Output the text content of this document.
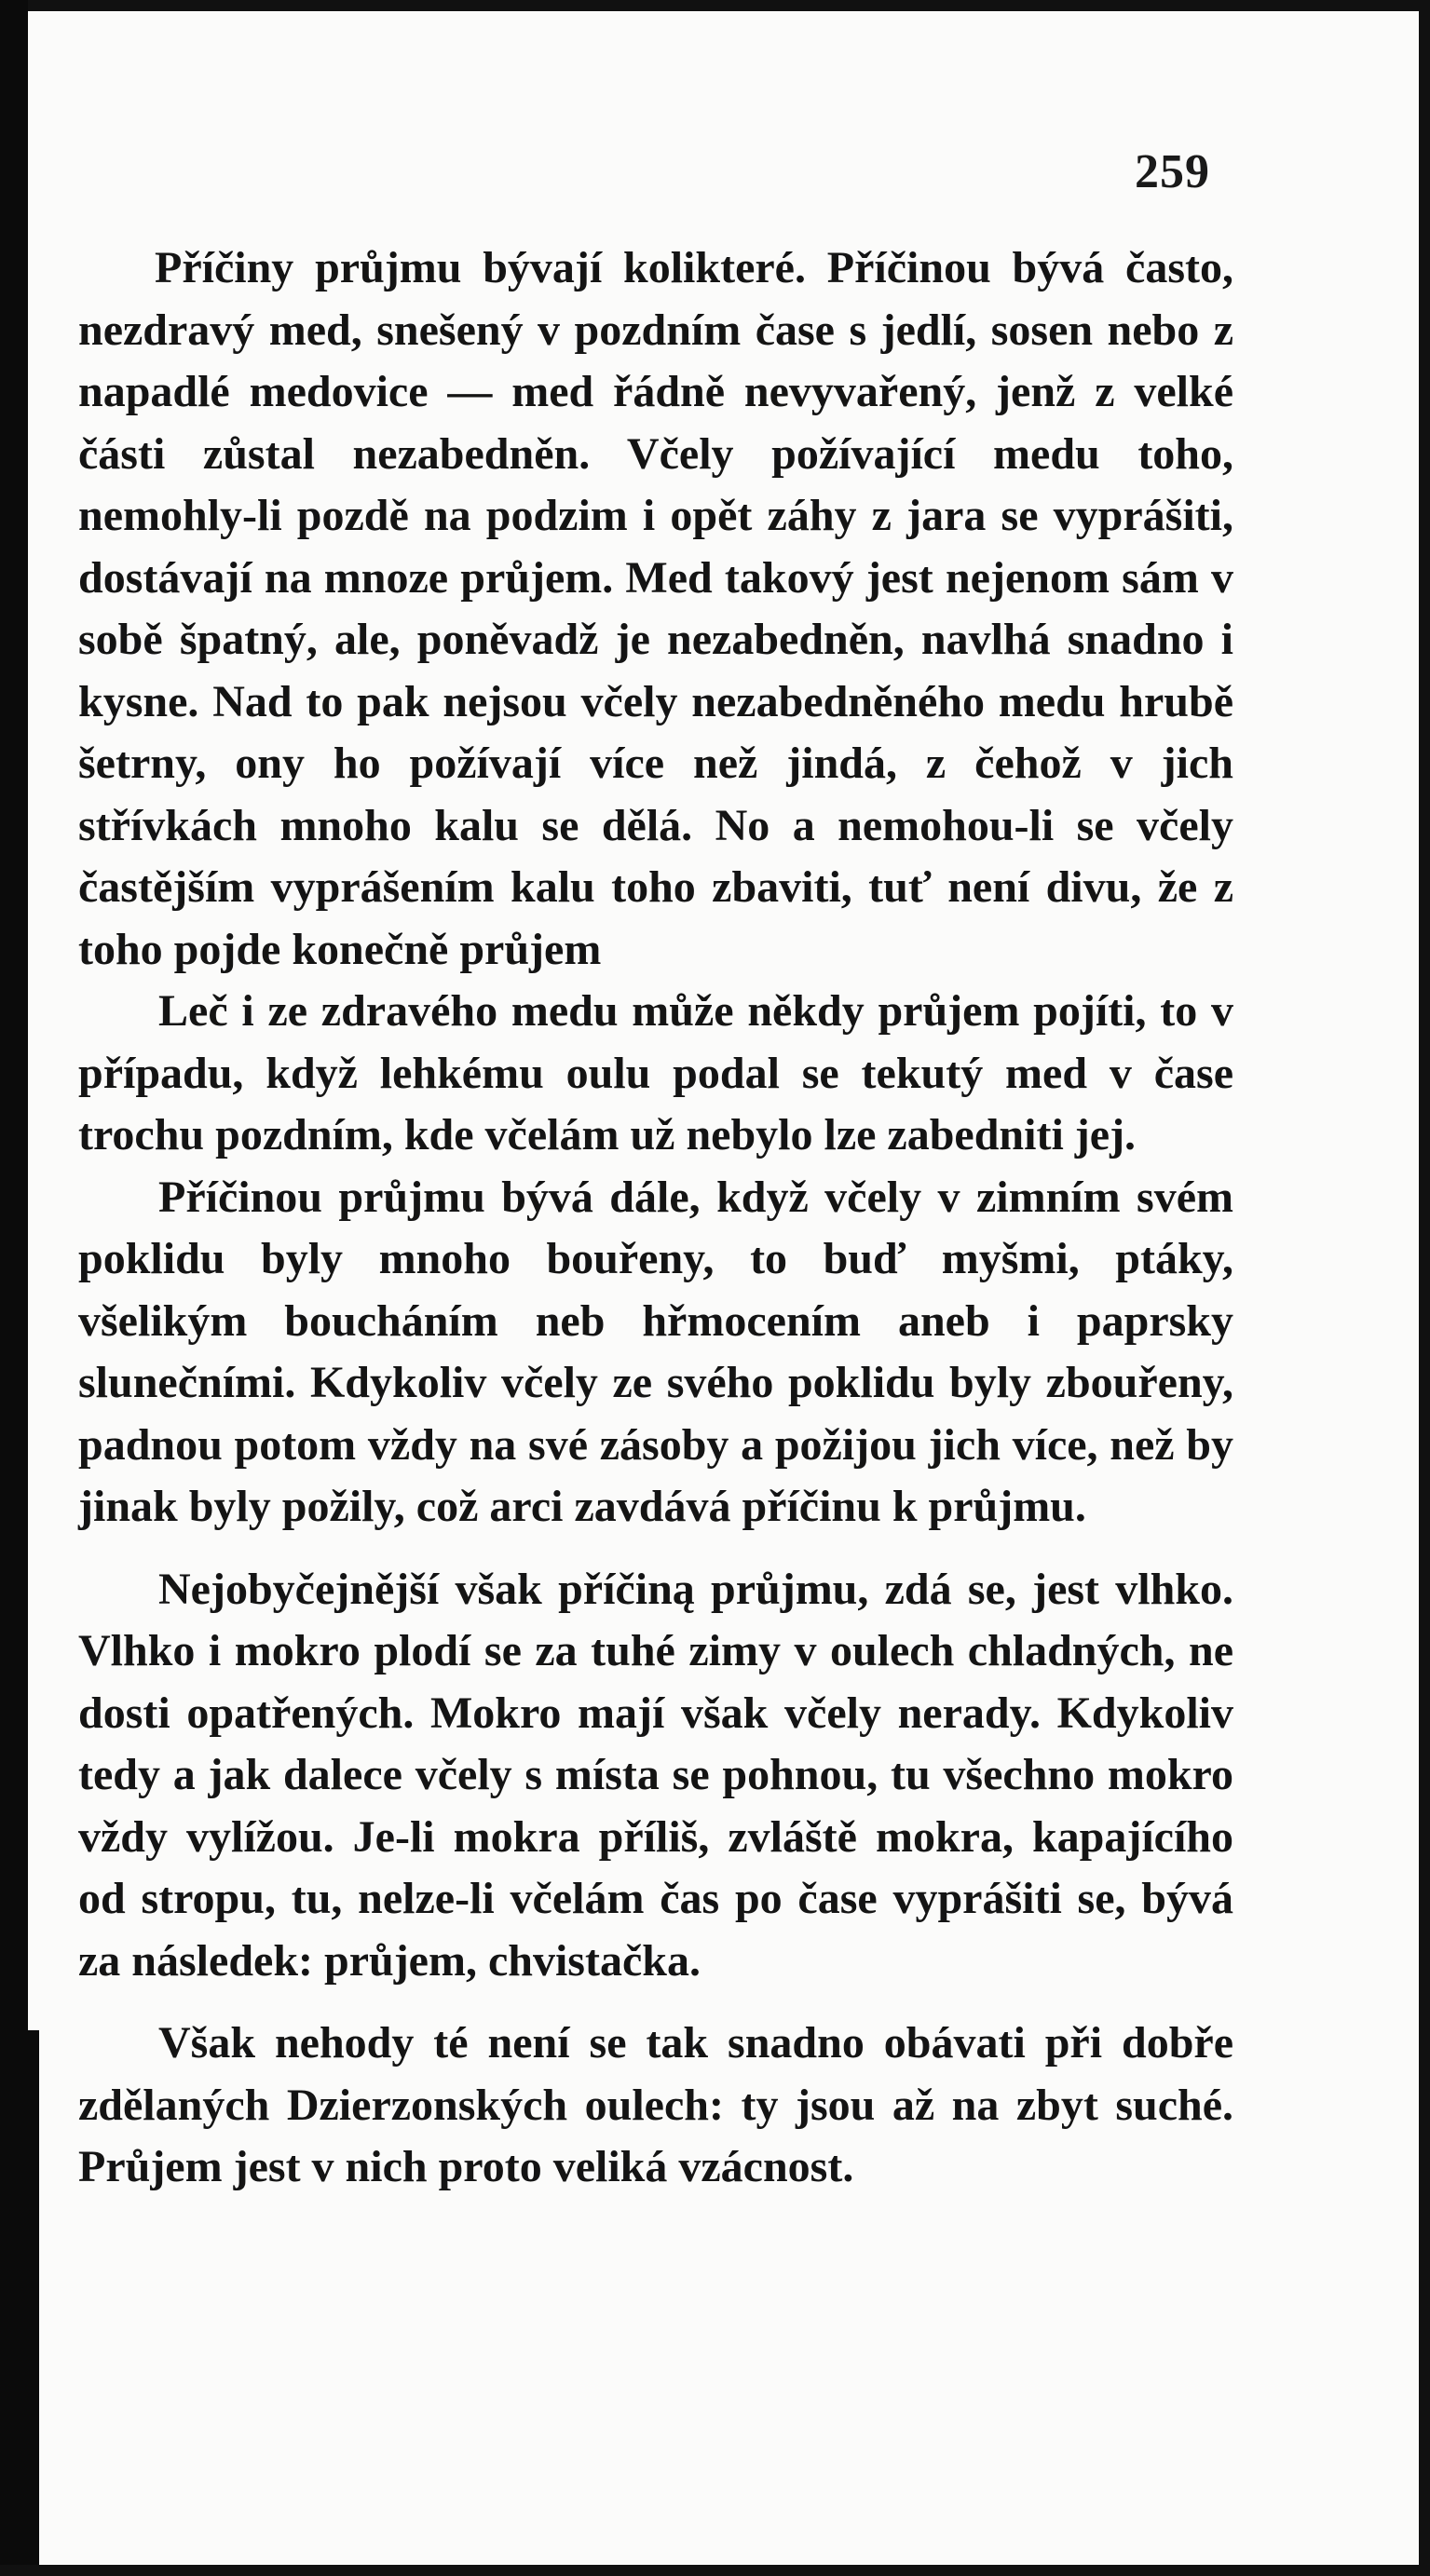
259

Příčiny průjmu bývají kolikteré. Příčinou bývá často, nezdravý med, snešený v pozdním čase s jedlí, sosen nebo z napadlé medovice — med řádně nevyvařený, jenž z velké části zůstal nezabedněn. Včely požívající medu toho, nemohly-li pozdě na podzim i opět záhy z jara se vyprášiti, dostávají na mnoze průjem. Med takový jest nejenom sám v sobě špatný, ale, poněvadž je nezabedněn, navlhá snadno i kysne. Nad to pak nejsou včely nezabedněného medu hrubě šetrny, ony ho požívají více než jindá, z čehož v jich střívkách mnoho kalu se dělá. No a nemohou-li se včely častějším vyprášením kalu toho zbaviti, tuť není divu, že z toho pojde konečně průjem

Leč i ze zdravého medu může někdy průjem pojíti, to v případu, když lehkému oulu podal se tekutý med v čase trochu pozdním, kde včelám už nebylo lze zabedniti jej.

Příčinou průjmu bývá dále, když včely v zimním svém poklidu byly mnoho bouřeny, to buď myšmi, ptáky, všelikým boucháním neb hřmocením aneb i paprsky slunečními. Kdykoliv včely ze svého poklidu byly zbouřeny, padnou potom vždy na své zásoby a požijou jich více, než by jinak byly požily, což arci zavdává příčinu k průjmu.

Nejobyčejnější však příčiną průjmu, zdá se, jest vlhko. Vlhko i mokro plodí se za tuhé zimy v oulech chladných, ne dosti opatřených. Mokro mají však včely nerady. Kdykoliv tedy a jak dalece včely s místa se pohnou, tu všechno mokro vždy vylížou. Je-li mokra příliš, zvláště mokra, kapajícího od stropu, tu, nelze-li včelám čas po čase vyprášiti se, bývá za následek: průjem, chvistačka.

Však nehody té není se tak snadno obávati při dobře zdělaných Dzierzonských oulech: ty jsou až na zbyt suché. Průjem jest v nich proto veliká vzácnost.
